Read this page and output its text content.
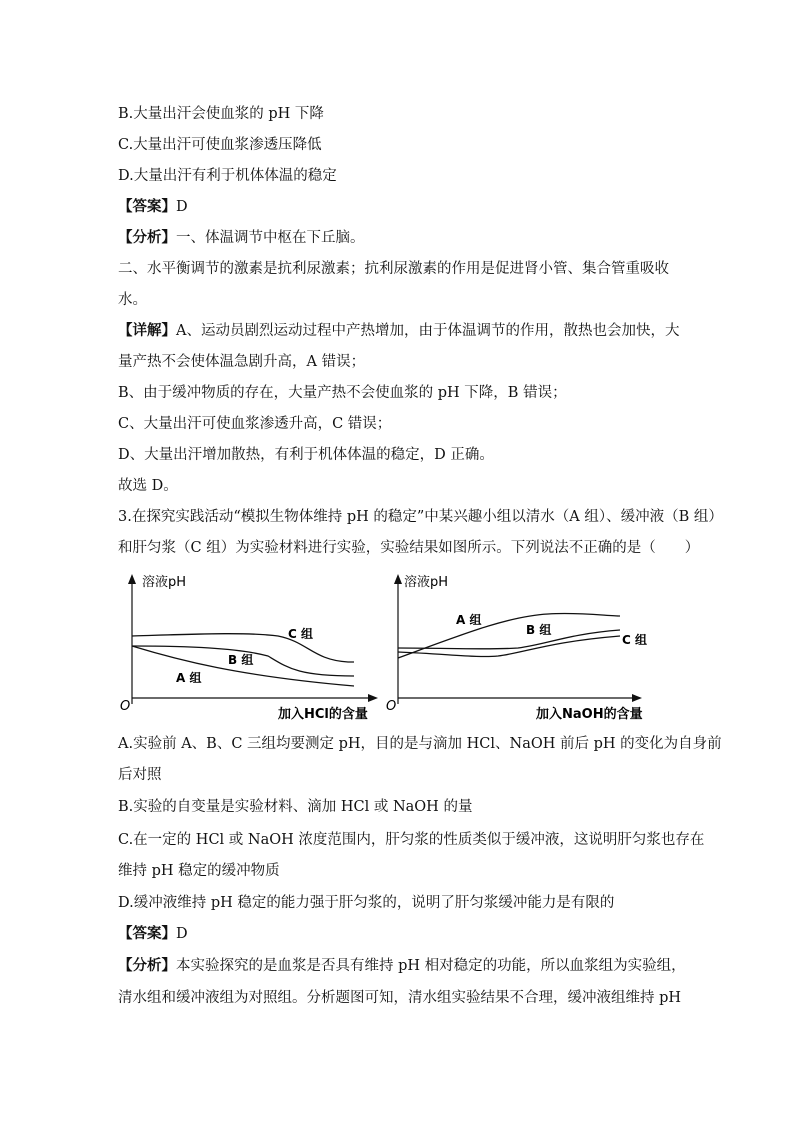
B.大量出汗会使血浆的 pH 下降
C.大量出汗可使血浆渗透压降低
D.大量出汗有利于机体体温的稳定
【答案】D
【分析】一、体温调节中枢在下丘脑。
二、水平衡调节的激素是抗利尿激素；抗利尿激素的作用是促进肾小管、集合管重吸收
水。
【详解】A、运动员剧烈运动过程中产热增加，由于体温调节的作用，散热也会加快，大
量产热不会使体温急剧升高，A 错误；
B、由于缓冲物质的存在，大量产热不会使血浆的 pH 下降，B 错误；
C、大量出汗可使血浆渗透升高，C 错误；
D、大量出汗增加散热，有利于机体体温的稳定，D 正确。
故选 D。
3.在探究实践活动“模拟生物体维持 pH 的稳定”中某兴趣小组以清水（A 组）、缓冲液（B 组）
和肝匀浆（C 组）为实验材料进行实验，实验结果如图所示。下列说法不正确的是（　　）
溶液pH
加入HCl的含量
O
C 组
B 组
A 组
溶液pH
加入NaOH的含量
O
A 组
B 组
C 组
A.实验前 A、B、C 三组均要测定 pH，目的是与滴加 HCl、NaOH 前后 pH 的变化为自身前
后对照
B.实验的自变量是实验材料、滴加 HCl 或 NaOH 的量
C.在一定的 HCl 或 NaOH 浓度范围内，肝匀浆的性质类似于缓冲液，这说明肝匀浆也存在
维持 pH 稳定的缓冲物质
D.缓冲液维持 pH 稳定的能力强于肝匀浆的，说明了肝匀浆缓冲能力是有限的
【答案】D
【分析】本实验探究的是血浆是否具有维持 pH 相对稳定的功能，所以血浆组为实验组，
清水组和缓冲液组为对照组。分析题图可知，清水组实验结果不合理，缓冲液组维持 pH
